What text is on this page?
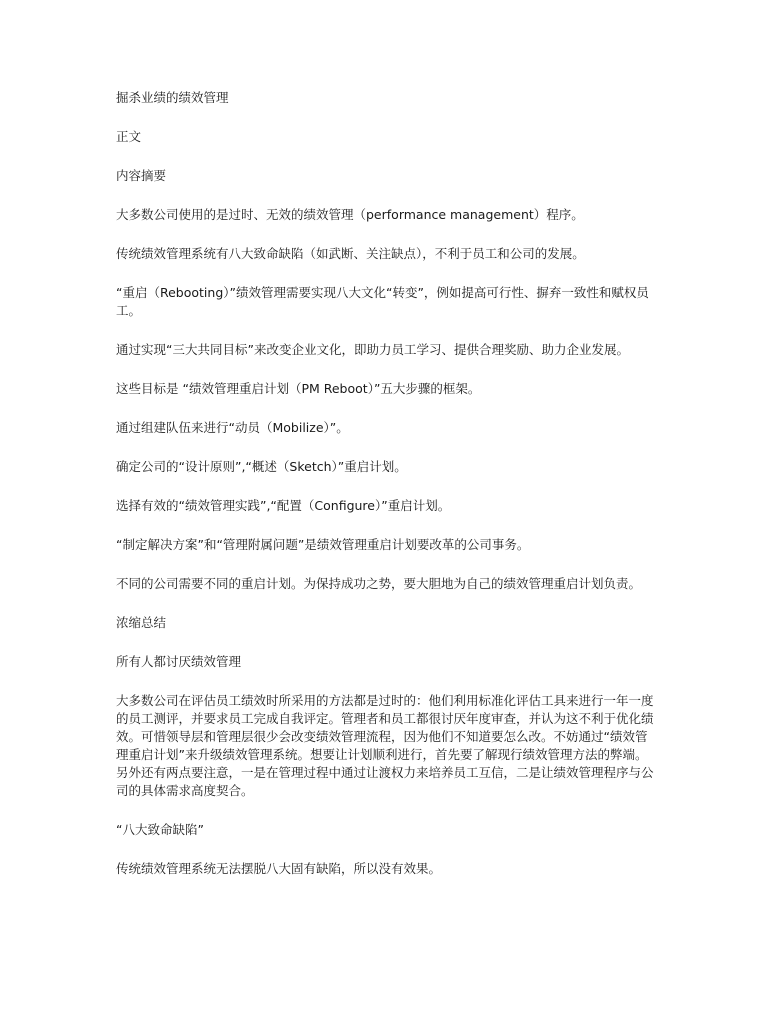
掘杀业绩的绩效管理

正文

内容摘要

大多数公司使用的是过时、无效的绩效管理（performance management）程序。

传统绩效管理系统有八大致命缺陷（如武断、关注缺点），不利于员工和公司的发展。

“重启（Rebooting）”绩效管理需要实现八大文化“转变”，例如提高可行性、摒弃一致性和赋权员工。

通过实现“三大共同目标”来改变企业文化，即助力员工学习、提供合理奖励、助力企业发展。

这些目标是 “绩效管理重启计划（PM Reboot）”五大步骤的框架。

通过组建队伍来进行“动员（Mobilize）”。

确定公司的“设计原则”,“概述（Sketch）”重启计划。

选择有效的“绩效管理实践”,“配置（Configure）”重启计划。

“制定解决方案”和“管理附属问题”是绩效管理重启计划要改革的公司事务。

不同的公司需要不同的重启计划。为保持成功之势，要大胆地为自己的绩效管理重启计划负责。

浓缩总结

所有人都讨厌绩效管理

大多数公司在评估员工绩效时所采用的方法都是过时的：他们利用标准化评估工具来进行一年一度的员工测评，并要求员工完成自我评定。管理者和员工都很讨厌年度审查，并认为这不利于优化绩效。可惜领导层和管理层很少会改变绩效管理流程，因为他们不知道要怎么改。不妨通过“绩效管理重启计划”来升级绩效管理系统。想要让计划顺利进行，首先要了解现行绩效管理方法的弊端。另外还有两点要注意，一是在管理过程中通过让渡权力来培养员工互信，二是让绩效管理程序与公司的具体需求高度契合。

“八大致命缺陷”

传统绩效管理系统无法摆脱八大固有缺陷，所以没有效果。
